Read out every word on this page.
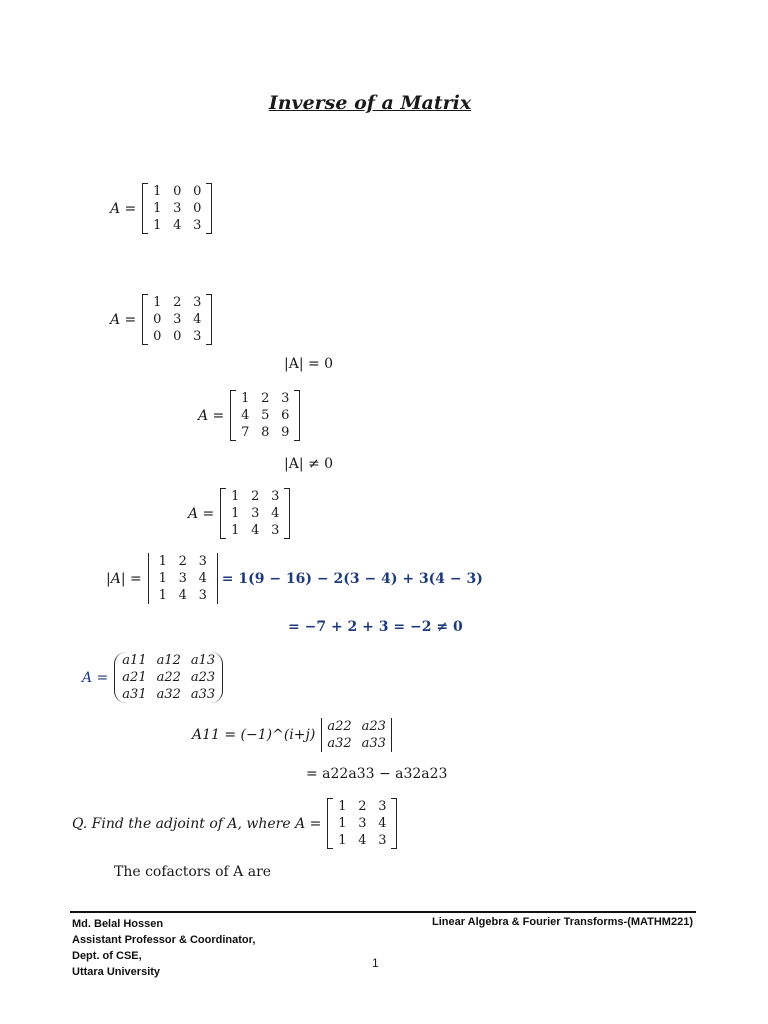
Inverse of a Matrix
A =
1 0 0
1 3 0
1 4 3
A =
1 2 3
0 3 4
0 0 3
|A| = 0
A =
1 2 3
4 5 6
7 8 9
|A| ≠ 0
A =
1 2 3
1 3 4
1 4 3
|A| =
1 2 3
1 3 4
1 4 3
= 1(9 − 16) − 2(3 − 4) + 3(4 − 3)
= −7 + 2 + 3 = −2 ≠ 0
A =
a11 a12 a13
a21 a22 a23
a31 a32 a33
A11 = (−1)^(i+j)
a22 a23
a32 a33
= a22a33 − a32a23
Q. Find the adjoint of A, where A =
1 2 3
1 3 4
1 4 3
The cofactors of A are
Md. Belal Hossen
Assistant Professor & Coordinator,
Dept. of CSE,
Uttara University
Linear Algebra & Fourier Transforms-(MATHM221)
1
